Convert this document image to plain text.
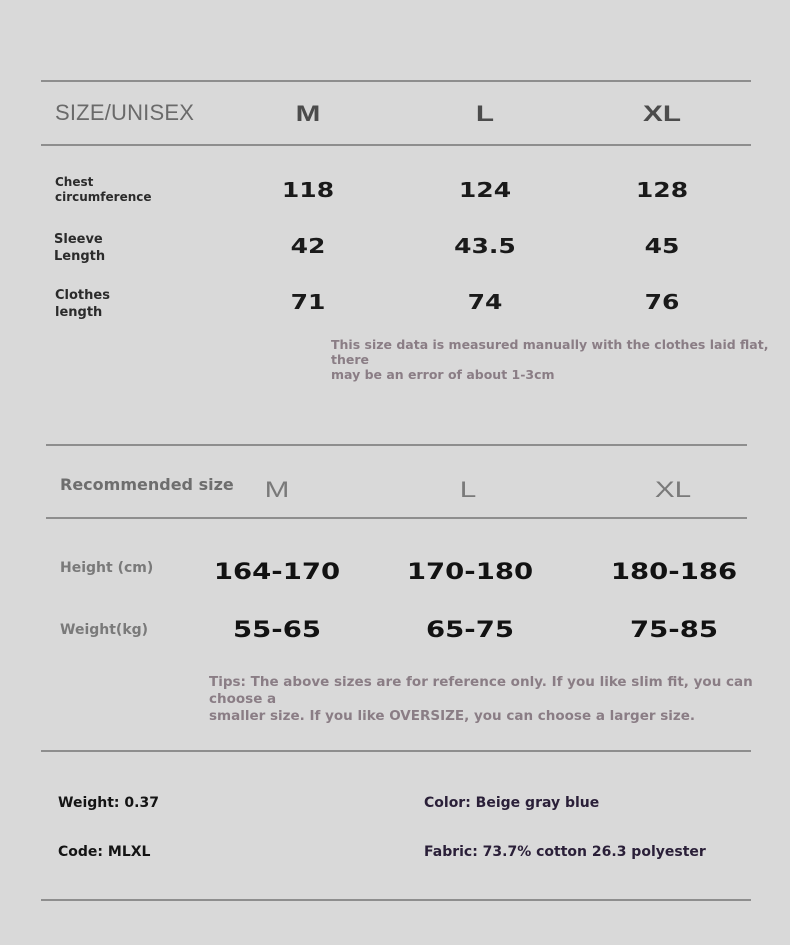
SIZE/UNISEX	M	L	XL
Chest
circumference	118	124	128
Sleeve
Length	42	43.5	45
Clothes
length	71	74	76
This size data is measured manually with the clothes laid flat, there
may be an error of about 1-3cm
Recommended size	M	L	XL
Height (cm)	164-170	170-180	180-186
Weight(kg)	55-65	65-75	75-85
Tips: The above sizes are for reference only. If you like slim fit, you can choose a
smaller size. If you like OVERSIZE, you can choose a larger size.
Weight: 0.37	Color: Beige gray blue
Code: MLXL	Fabric: 73.7% cotton 26.3 polyester
